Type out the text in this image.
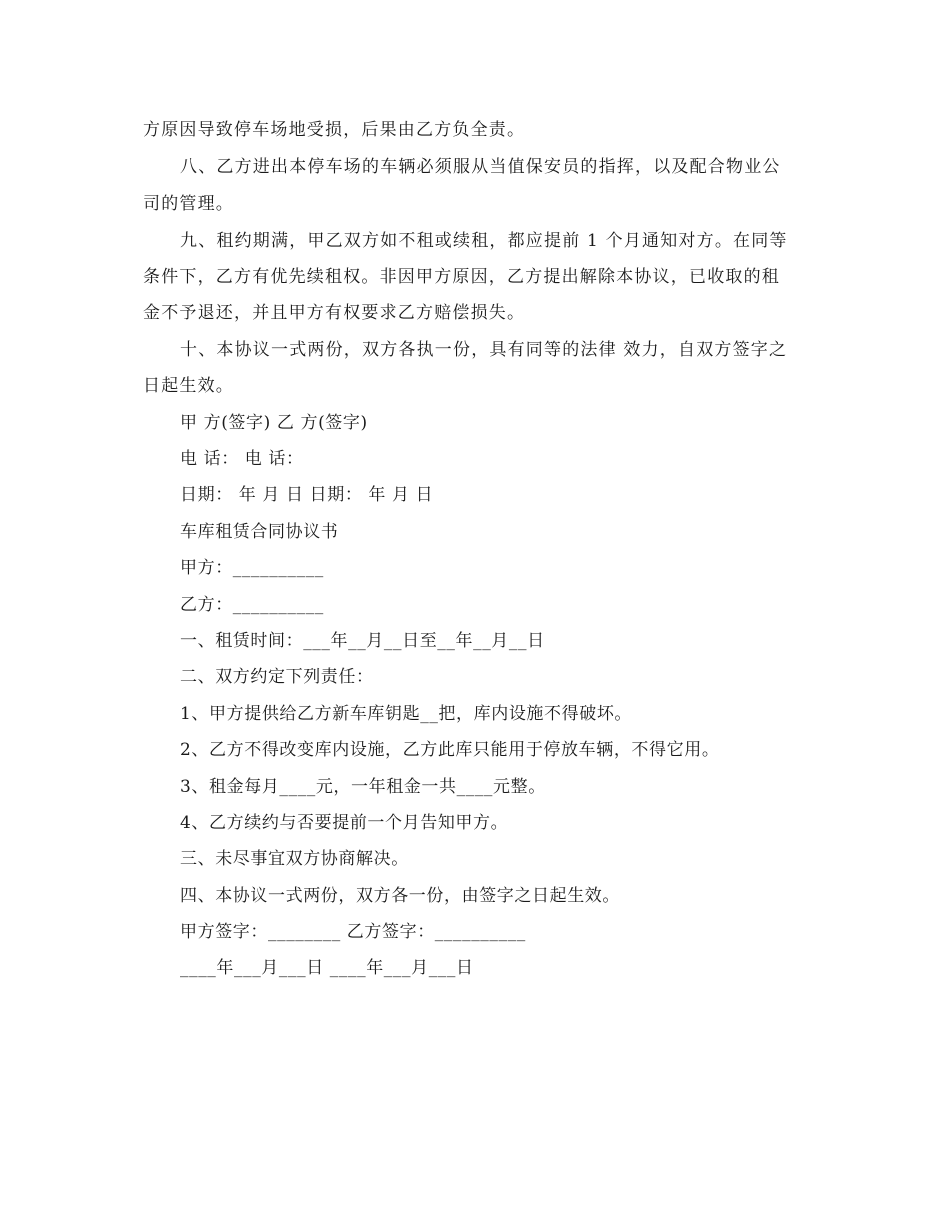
方原因导致停车场地受损，后果由乙方负全责。
八、乙方进出本停车场的车辆必须服从当值保安员的指挥，以及配合物业公
司的管理。
九、租约期满，甲乙双方如不租或续租，都应提前 1 个月通知对方。在同等
条件下，乙方有优先续租权。非因甲方原因，乙方提出解除本协议，已收取的租
金不予退还，并且甲方有权要求乙方赔偿损失。
十、本协议一式两份，双方各执一份，具有同等的法律 效力，自双方签字之
日起生效。
甲 方(签字) 乙 方(签字)
电 话： 电 话：
日期： 年 月 日 日期： 年 月 日
车库租赁合同协议书
甲方：__________
乙方：__________
一、租赁时间：___年__月__日至__年__月__日
二、双方约定下列责任：
1、甲方提供给乙方新车库钥匙__把，库内设施不得破坏。
2、乙方不得改变库内设施，乙方此库只能用于停放车辆，不得它用。
3、租金每月____元，一年租金一共____元整。
4、乙方续约与否要提前一个月告知甲方。
三、未尽事宜双方协商解决。
四、本协议一式两份，双方各一份，由签字之日起生效。
甲方签字：________ 乙方签字：__________
____年___月___日 ____年___月___日
